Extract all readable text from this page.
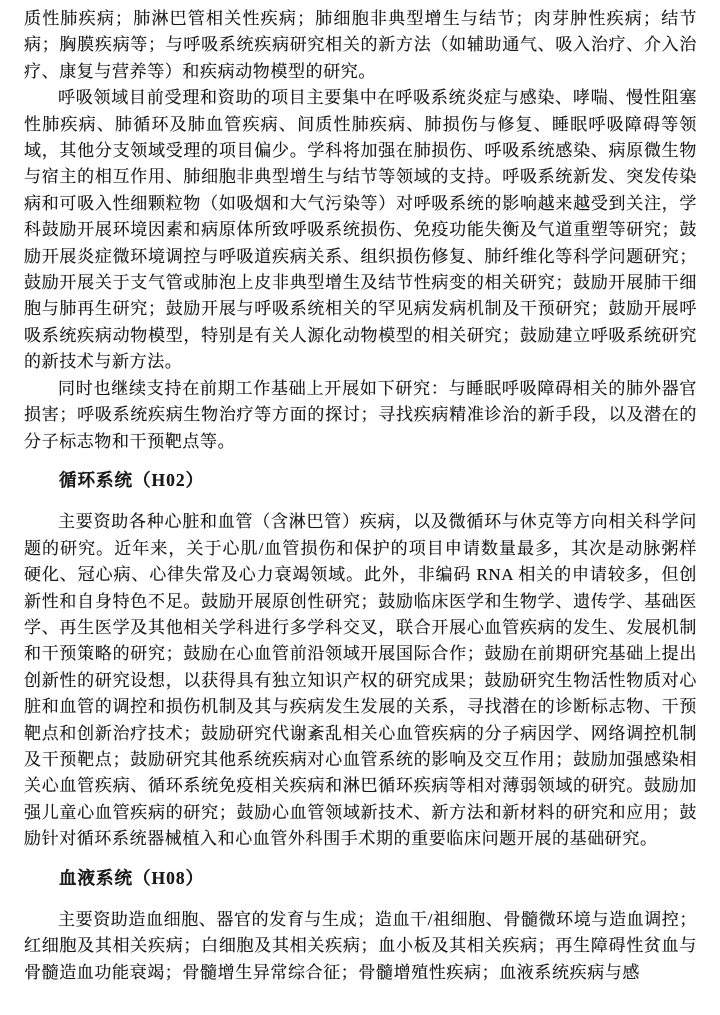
质性肺疾病；肺淋巴管相关性疾病；肺细胞非典型增生与结节；肉芽肿性疾病；结节病；胸膜疾病等；与呼吸系统疾病研究相关的新方法（如辅助通气、吸入治疗、介入治疗、康复与营养等）和疾病动物模型的研究。

呼吸领域目前受理和资助的项目主要集中在呼吸系统炎症与感染、哮喘、慢性阻塞性肺疾病、肺循环及肺血管疾病、间质性肺疾病、肺损伤与修复、睡眠呼吸障碍等领域，其他分支领域受理的项目偏少。学科将加强在肺损伤、呼吸系统感染、病原微生物与宿主的相互作用、肺细胞非典型增生与结节等领域的支持。呼吸系统新发、突发传染病和可吸入性细颗粒物（如吸烟和大气污染等）对呼吸系统的影响越来越受到关注，学科鼓励开展环境因素和病原体所致呼吸系统损伤、免疫功能失衡及气道重塑等研究；鼓励开展炎症微环境调控与呼吸道疾病关系、组织损伤修复、肺纤维化等科学问题研究；鼓励开展关于支气管或肺泡上皮非典型增生及结节性病变的相关研究；鼓励开展肺干细胞与肺再生研究；鼓励开展与呼吸系统相关的罕见病发病机制及干预研究；鼓励开展呼吸系统疾病动物模型，特别是有关人源化动物模型的相关研究；鼓励建立呼吸系统研究的新技术与新方法。

同时也继续支持在前期工作基础上开展如下研究：与睡眠呼吸障碍相关的肺外器官损害；呼吸系统疾病生物治疗等方面的探讨；寻找疾病精准诊治的新手段，以及潜在的分子标志物和干预靶点等。

循环系统（H02）

主要资助各种心脏和血管（含淋巴管）疾病，以及微循环与休克等方向相关科学问题的研究。近年来，关于心肌/血管损伤和保护的项目申请数量最多，其次是动脉粥样硬化、冠心病、心律失常及心力衰竭领域。此外，非编码 RNA 相关的申请较多，但创新性和自身特色不足。鼓励开展原创性研究；鼓励临床医学和生物学、遗传学、基础医学、再生医学及其他相关学科进行多学科交叉，联合开展心血管疾病的发生、发展机制和干预策略的研究；鼓励在心血管前沿领域开展国际合作；鼓励在前期研究基础上提出创新性的研究设想，以获得具有独立知识产权的研究成果；鼓励研究生物活性物质对心脏和血管的调控和损伤机制及其与疾病发生发展的关系，寻找潜在的诊断标志物、干预靶点和创新治疗技术；鼓励研究代谢紊乱相关心血管疾病的分子病因学、网络调控机制及干预靶点；鼓励研究其他系统疾病对心血管系统的影响及交互作用；鼓励加强感染相关心血管疾病、循环系统免疫相关疾病和淋巴循环疾病等相对薄弱领域的研究。鼓励加强儿童心血管疾病的研究；鼓励心血管领域新技术、新方法和新材料的研究和应用；鼓励针对循环系统器械植入和心血管外科围手术期的重要临床问题开展的基础研究。

血液系统（H08）

主要资助造血细胞、器官的发育与生成；造血干/祖细胞、骨髓微环境与造血调控；红细胞及其相关疾病；白细胞及其相关疾病；血小板及其相关疾病；再生障碍性贫血与骨髓造血功能衰竭；骨髓增生异常综合征；骨髓增殖性疾病；血液系统疾病与感
